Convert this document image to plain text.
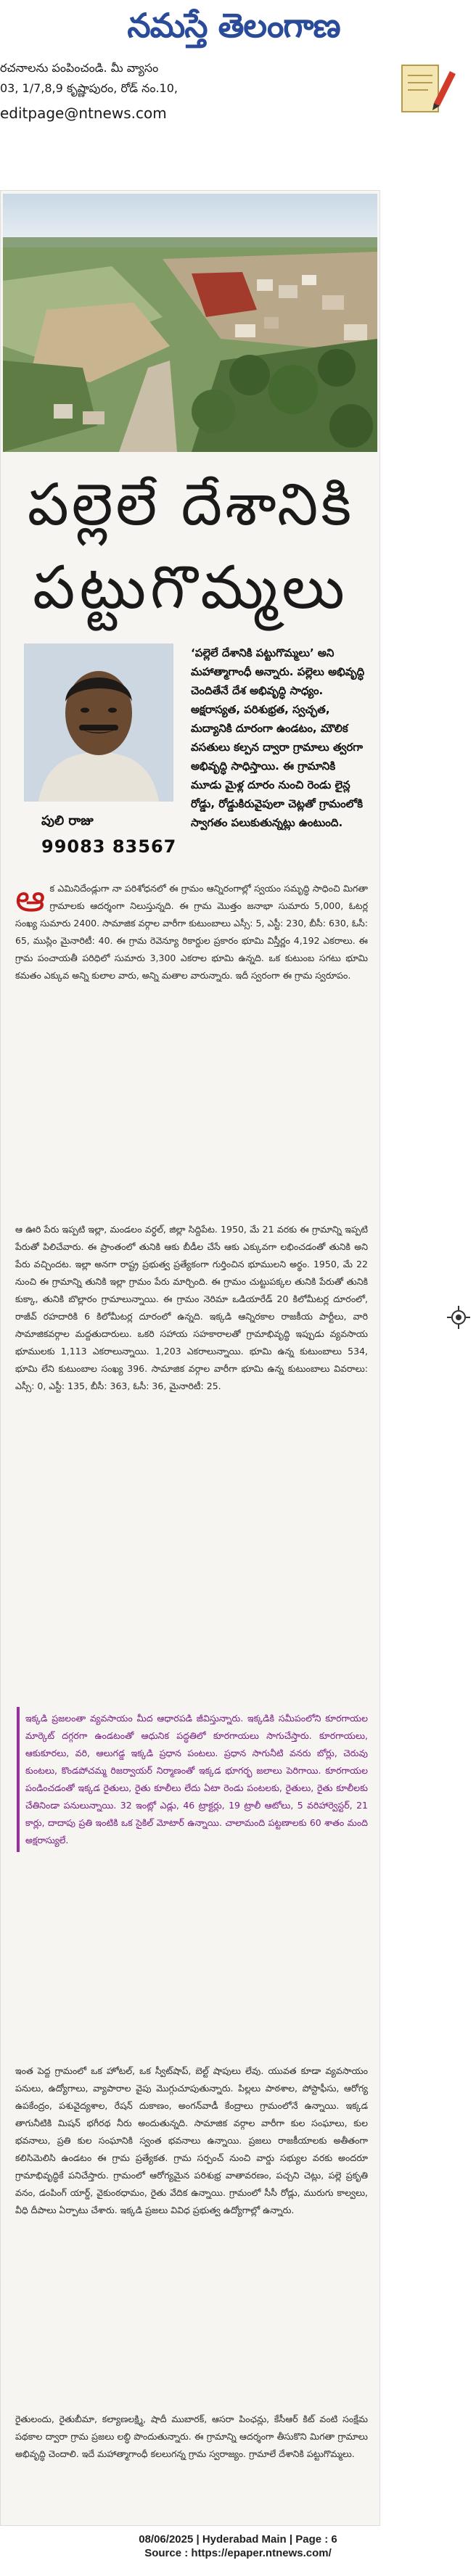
నమస్తే తెలంగాణ
రచనాలను పంపించండి. మీ వ్యాసం
03, 1/7,8,9 కృష్ణాపురం, రోడ్ నం.10,
editpage@ntnews.com
పల్లెలే దేశానికి
పట్టుగొమ్మలు
పులి రాజు
99083 83567
‘పల్లెలే దేశానికి పట్టుగొమ్మలు’ అని మహాత్మాగాంధీ అన్నారు. పల్లెలు అభివృద్ధి చెందితేనే దేశ అభివృద్ధి సాధ్యం. అక్షరాస్యత, పరిశుభ్రత, స్వచ్ఛత, మద్యానికి దూరంగా ఉండటం, మౌలిక వసతులు కల్పన ద్వారా గ్రామాలు త్వరగా అభివృద్ధి సాధిస్తాయి. ఈ గ్రామానికి మూడు మైళ్ల దూరం నుంచి రెండు లైన్ల రోడ్డు, రోడ్డుకిరువైపులా చెట్లతో గ్రామంలోకి స్వాగతం పలుకుతున్నట్లు ఉంటుంది.
ఆ క ఎమినిదేండ్లుగా నా పరిశోధనలో ఈ గ్రామం ఆన్నిరంగాల్లో స్వయం సమృద్ధి సాధించి మిగతా గ్రామాలకు ఆదర్శంగా నిలుస్తున్నది. ఈ గ్రామ మొత్తం జనాభా సుమారు 5,000, ఓటర్ల సంఖ్య సుమారు 2400. సామాజిక వర్గాల వారీగా కుటుంబాలు ఎస్సీ: 5, ఎస్టీ: 230, బీసీ: 630, ఓసీ: 65, ముస్లిం మైనారిటీ: 40. ఈ గ్రామ రెవెన్యూ రికార్డుల ప్రకారం భూమి విస్తీర్ణం 4,192 ఎకరాలు. ఈ గ్రామ పంచాయతీ పరిధిలో సుమారు 3,300 ఎకరాల భూమి ఉన్నది. ఒక కుటుంబ సగటు భూమి కమతం ఎక్కువ అన్ని కులాల వారు, అన్ని మతాల వారున్నారు. ఇదీ స్వరంగా ఈ గ్రామ స్వరూపం.
ఆ ఊరి పేరు ఇప్పటి ఇల్లా, మండలం వర్ధల్, జిల్లా సిద్దిపేట. 1950, మే 21 వరకు ఈ గ్రామాన్ని ఇప్పటి పేరుతో పిలిచేవారు. ఈ ప్రాంతంలో తునికి ఆకు బీడీల చేసే ఆకు ఎక్కువగా లభించడంతో తునికి అని పేరు వచ్చిందట. ఇల్లా అనగా రాష్ట్ర ప్రభుత్వ ప్రత్యేకంగా గుర్తించిన భూములని అర్థం. 1950, మే 22 నుంచి ఈ గ్రామాన్ని తునికి ఇల్లా గ్రామం పేరు మార్చింది. ఈ గ్రామం చుట్టుపక్కల తునికి పేరుతో తునికి కుక్కా, తునికి బొల్లారం గ్రామాలున్నాయి. ఈ గ్రామం నెరిమా ఒడియారేడ్ 20 కిలోమీటర్ల దూరంలో, రాజీవ్ రహదారికి 6 కిలోమీటర్ల దూరంలో ఉన్నది. ఇక్కడి ఆన్నిరకాల రాజకీయ పార్టీలు, వారి సామాజికవర్గాల మద్దతుదారులు. ఒకరి సహాయ సహకారాలతో గ్రామాభివృద్ధి ఇప్పుడు వ్యవసాయ భూములకు 1,113 ఎకరాలున్నాయి. 1,203 ఎకరాలున్నాయి. భూమి ఉన్న కుటుంబాలు 534, భూమి లేని కుటుంబాల సంఖ్య 396. సామాజిక వర్గాల వారీగా భూమి ఉన్న కుటుంబాలు వివరాలు: ఎస్సీ: 0, ఎస్టీ: 135, బీసీ: 363, ఓసీ: 36, మైనారిటీ: 25.
ఇక్కడి ప్రజలంతా వ్యవసాయం మీద ఆధారపడి జీవిస్తున్నారు. ఇక్కడికి సమీపంలోని కూరగాయల మార్కెట్ దగ్గరగా ఉండటంతో ఆధునిక పద్ధతిలో కూరగాయలు సాగుచేస్తారు. కూరగాయలు, ఆకుకూరలు, వరి, ఆలుగడ్డ ఇక్కడి ప్రధాన పంటలు. ప్రధాన సాగునీటి వనరు బోర్లు, చెరువు కుంటలు, కొండపోచమ్మ రిజర్వాయర్ నిర్మాణంతో ఇక్కడ భూగర్భ జలాలు పెరిగాయి. కూరగాయల పండించడంతో ఇక్కడ రైతులు, రైతు కూలీలు లేదు ఏటా రెండు పంటలకు, రైతులు, రైతు కూలీలకు చేతినిండా పనులున్నాయి. 32 ఇంట్లో ఎడ్లు, 46 ట్రాక్టర్లు, 19 ట్రాలీ ఆటోలు, 5 వరిహార్వెస్టర్, 21 కార్లు, దాదాపు ప్రతి ఇంటికి ఒక సైకిల్ మోటార్ ఉన్నాయి. చాలామంది పట్టణాలకు 60 శాతం మంది అక్షరాస్యులే.
ఇంత పెద్ద గ్రామంలో ఒక హోటల్, ఒక స్వీట్‌షాప్, బెల్ట్ షాపులు లేవు. యువత కూడా వ్యవసాయం పనులు, ఉద్యోగాలు, వ్యాపారాల వైపు మొగ్గుచూపుతున్నారు. పిల్లలు పాఠశాల, పోస్టాఫీసు, ఆరోగ్య ఉపకేంద్రం, పశువైద్యశాల, రేషన్ దుకాణం, అంగన్‌వాడీ కేంద్రాలు గ్రామంలోనే ఉన్నాయి. ఇక్కడ తాగునీటికి మిషన్ భగీరథ నీరు అందుతున్నది. సామాజిక వర్గాల వారీగా కుల సంఘాలు, కుల భవనాలు, ప్రతి కుల సంఘానికి స్వంత భవనాలు ఉన్నాయి. ప్రజలు రాజకీయాలకు అతీతంగా కలిసిమెలిసి ఉండటం ఈ గ్రామ ప్రత్యేకత. గ్రామ సర్పంచ్ నుంచి వార్డు సభ్యుల వరకు అందరూ గ్రామాభివృద్ధికే పనిచేస్తారు. గ్రామంలో ఆరోగ్యమైన పరిశుభ్ర వాతావరణం, పచ్చని చెట్లు, పల్లె ప్రకృతి వనం, డంపింగ్ యార్డ్, వైకుంఠధామం, రైతు వేదిక ఉన్నాయి. గ్రామంలో సీసీ రోడ్లు, మురుగు కాల్వలు, వీధి దీపాలు ఏర్పాటు చేశారు. ఇక్కడి ప్రజలు వివిధ ప్రభుత్వ ఉద్యోగాల్లో ఉన్నారు.
రైతులందు, రైతుబీమా, కల్యాణలక్ష్మి, షాదీ ముబారక్, ఆసరా పింఛన్లు, కేసీఆర్ కిట్ వంటి సంక్షేమ పథకాల ద్వారా గ్రామ ప్రజలు లబ్ధి పొందుతున్నారు. ఈ గ్రామాన్ని ఆదర్శంగా తీసుకొని మిగతా గ్రామాలు అభివృద్ధి చెందాలి. ఇదే మహాత్మాగాంధీ కలలుగన్న గ్రామ స్వరాజ్యం. గ్రామాలే దేశానికి పట్టుగొమ్మలు.
08/06/2025 | Hyderabad Main | Page : 6
Source : https://epaper.ntnews.com/
